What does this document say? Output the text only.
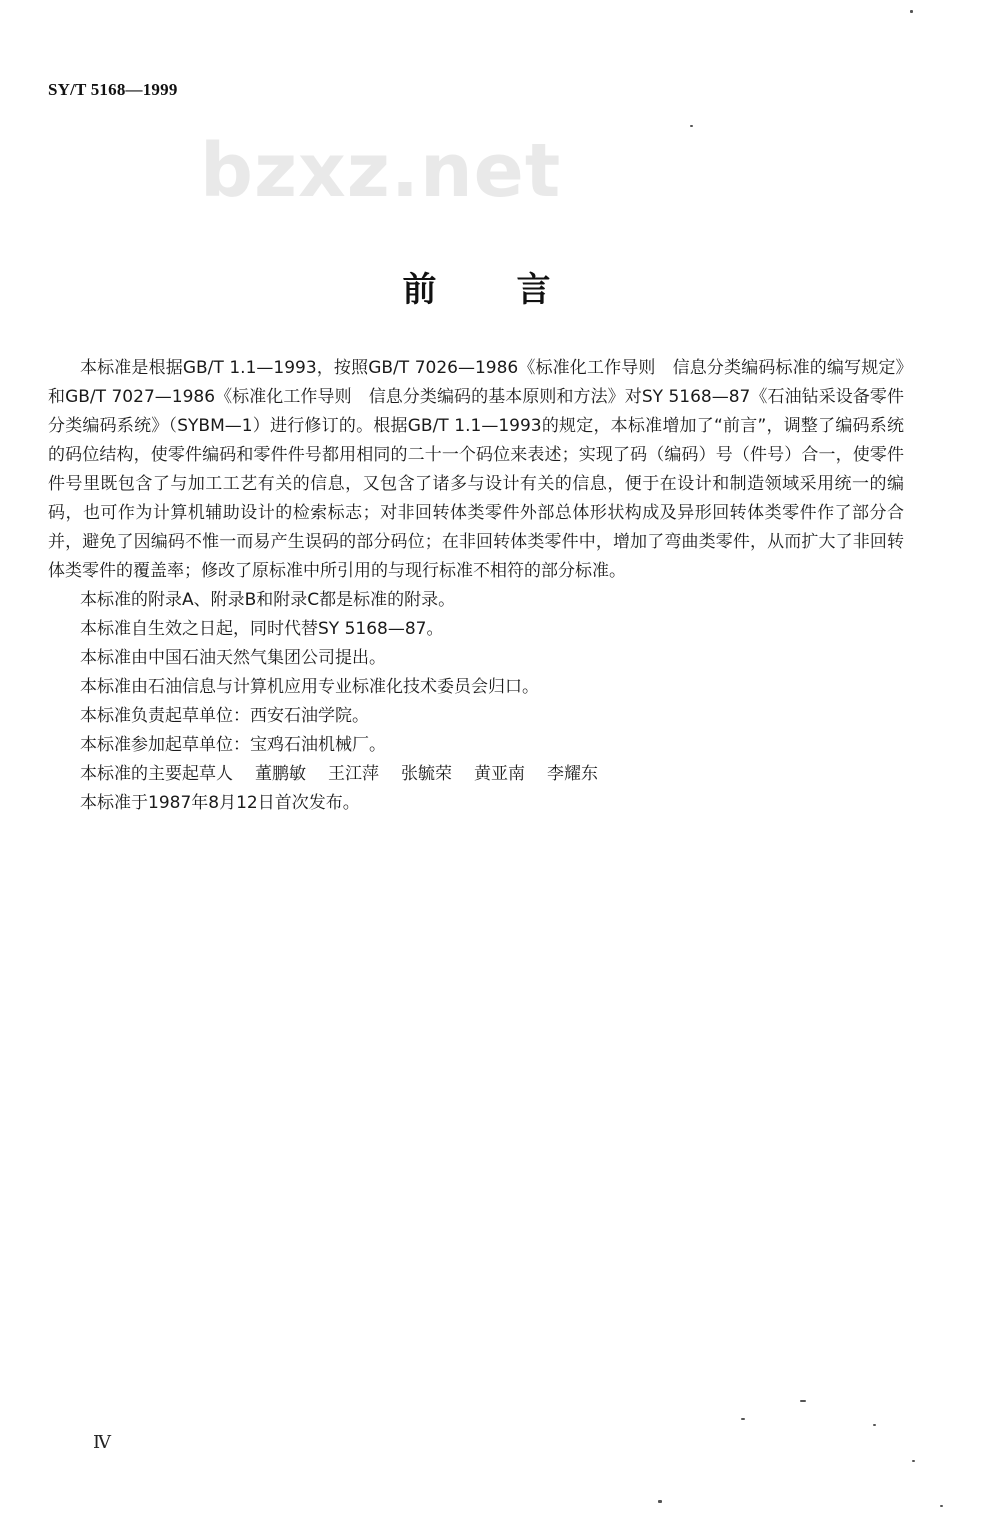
SY/T 5168—1999
bzxz.net
前言

本标准是根据GB/T 1.1—1993，按照GB/T 7026—1986《标准化工作导则　信息分类编码标准的编写规定》和GB/T 7027—1986《标准化工作导则　信息分类编码的基本原则和方法》对SY 5168—87《石油钻采设备零件分类编码系统》（SYBM—1）进行修订的。根据GB/T 1.1—1993的规定，本标准增加了“前言”，调整了编码系统的码位结构，使零件编码和零件件号都用相同的二十一个码位来表述；实现了码（编码）号（件号）合一，使零件件号里既包含了与加工工艺有关的信息，又包含了诸多与设计有关的信息，便于在设计和制造领域采用统一的编码，也可作为计算机辅助设计的检索标志；对非回转体类零件外部总体形状构成及异形回转体类零件作了部分合并，避免了因编码不惟一而易产生误码的部分码位；在非回转体类零件中，增加了弯曲类零件，从而扩大了非回转体类零件的覆盖率；修改了原标准中所引用的与现行标准不相符的部分标准。

本标准的附录A、附录B和附录C都是标准的附录。

本标准自生效之日起，同时代替SY 5168—87。

本标准由中国石油天然气集团公司提出。

本标准由石油信息与计算机应用专业标准化技术委员会归口。

本标准负责起草单位：西安石油学院。

本标准参加起草单位：宝鸡石油机械厂。

本标准的主要起草人 董鹏敏 王江萍 张毓荣 黄亚南 李耀东

本标准于1987年8月12日首次发布。

Ⅳ
